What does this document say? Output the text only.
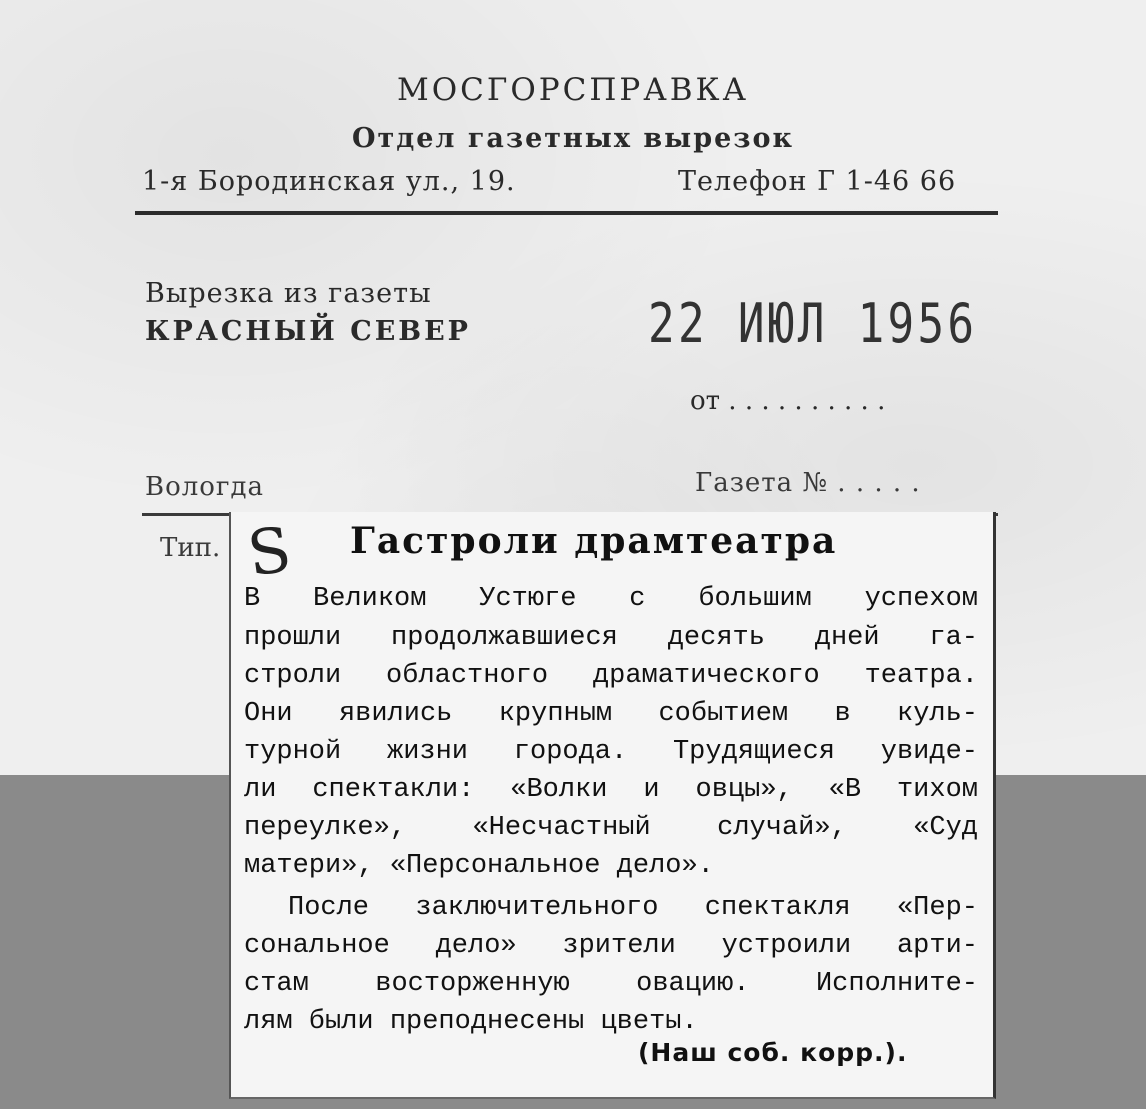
МОСГОРСПРАВКА
Отдел газетных вырезок
1-я Бородинская ул., 19.	Телефон Г 1-46 66
Вырезка из газеты
КРАСНЫЙ СЕВЕР	22 ИЮЛ 1956
от . . . . . . . . . .
Вологда	Газета № . . . . .
Тип. S Гастроли драмтеатра
В Великом Устюге с большим успехом
прошли продолжавшиеся десять дней га-
строли областного драматического театра.
Они явились крупным событием в куль-
турной жизни города. Трудящиеся увиде-
ли спектакли: «Волки и овцы», «В тихом
переулке», «Несчастный случай», «Суд
матери», «Персональное дело».
После заключительного спектакля «Пер-
сональное дело» зрители устроили арти-
стам восторженную овацию. Исполните-
лям были преподнесены цветы.
(Наш соб. корр.).
